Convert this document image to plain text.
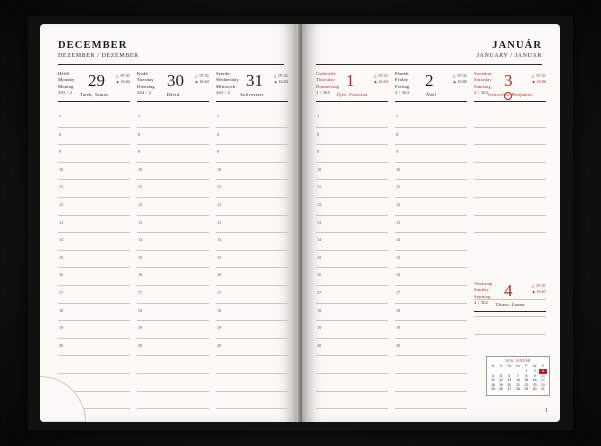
DECEMBER
DEZEMBER / DEZEMBER
Hétfő
Monday
Montag
365 / 2
29 △ 07:31
▲16:02
Tarek, Tamas
7
8
9
10
11
12
13
14
15
16
17
18
19
20
Kedd
Tuesday
Dienstag
364 / 2
30 △ 07:31
▲16:02
Dávid
7
8
9
10
11
12
13
14
15
16
17
18
19
20
Szerda
Wednesday
Mittwoch
365 / 2
31 △ 07:31
▲16:03
Szilveszter
7
8
9
10
11
12
13
14
15
16
17
18
19
20
JANUÁR
JANUARY / JANUAR
Csütörtök
Thursday
Donnerstag
1 / 365
1	△ 07:31
▲16:04
Újév, Fruzsina
7
8
9
10
11
12
13
14
15
16
17
18
19
20
Péntek
Friday
Freitag
2 / 364
2	△ 07:31
▲16:05
Ábel
7
8
9
10
11
12
13
14
15
16
17
18
19
20
Szombat
Saturday
Samstag
3 / 363
3	△ 07:31
▲16:06
Genovéva, Benjámin
Vasárnap
Sunday
Sonntag
4 / 362
4	△ 07:31
▲16:07
Titusz, Leona
2016. JANUÁR
H	K	Sz	Cs	P	Sz	V
				1	2	3
4	5	6	7	8	9	10
11	12	13	14	15	16	17
18	19	20	21	22	23	24
25	26	27	28	29	30	31
1
